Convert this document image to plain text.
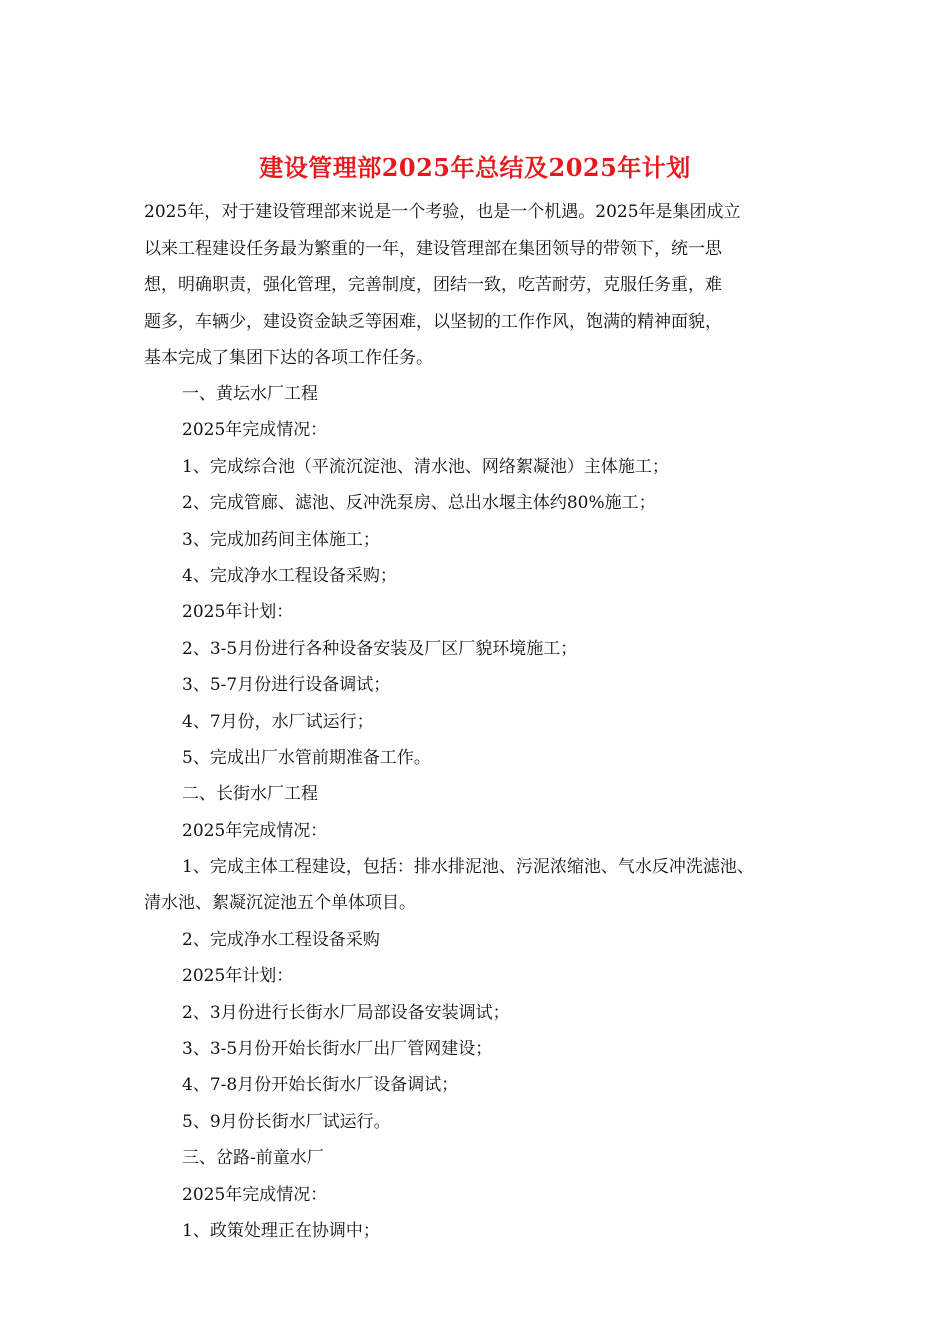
建设管理部2025年总结及2025年计划
2025年，对于建设管理部来说是一个考验，也是一个机遇。2025年是集团成立
以来工程建设任务最为繁重的一年，建设管理部在集团领导的带领下，统一思
想，明确职责，强化管理，完善制度，团结一致，吃苦耐劳，克服任务重，难
题多，车辆少，建设资金缺乏等困难，以坚韧的工作作风，饱满的精神面貌，
基本完成了集团下达的各项工作任务。
一、黄坛水厂工程
2025年完成情况：
1、完成综合池（平流沉淀池、清水池、网络絮凝池）主体施工；
2、完成管廊、滤池、反冲洗泵房、总出水堰主体约80%施工；
3、完成加药间主体施工；
4、完成净水工程设备采购；
2025年计划：
2、3-5月份进行各种设备安装及厂区厂貌环境施工；
3、5-7月份进行设备调试；
4、7月份，水厂试运行；
5、完成出厂水管前期准备工作。
二、长街水厂工程
2025年完成情况：
1、完成主体工程建设，包括：排水排泥池、污泥浓缩池、气水反冲洗滤池、
清水池、絮凝沉淀池五个单体项目。
2、完成净水工程设备采购
2025年计划：
2、3月份进行长街水厂局部设备安装调试；
3、3-5月份开始长街水厂出厂管网建设；
4、7-8月份开始长街水厂设备调试；
5、9月份长街水厂试运行。
三、岔路-前童水厂
2025年完成情况：
1、政策处理正在协调中；
